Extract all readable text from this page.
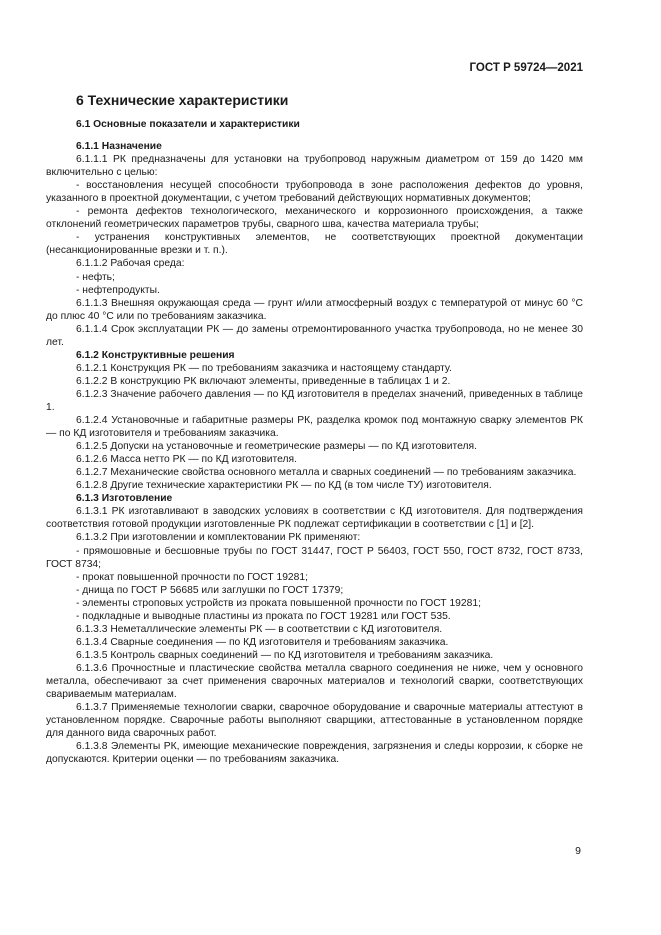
ГОСТ Р 59724—2021
6 Технические характеристики

6.1 Основные показатели и характеристики

6.1.1 Назначение

6.1.1.1 РК предназначены для установки на трубопровод наружным диаметром от 159 до 1420 мм включительно с целью:

- восстановления несущей способности трубопровода в зоне расположения дефектов до уровня, указанного в проектной документации, с учетом требований действующих нормативных документов;

- ремонта дефектов технологического, механического и коррозионного происхождения, а также отклонений геометрических параметров трубы, сварного шва, качества материала трубы;

- устранения конструктивных элементов, не соответствующих проектной документации (несанкционированные врезки и т. п.).

6.1.1.2 Рабочая среда:

- нефть;

- нефтепродукты.

6.1.1.3 Внешняя окружающая среда — грунт и/или атмосферный воздух с температурой от минус 60 °С до плюс 40 °С или по требованиям заказчика.

6.1.1.4 Срок эксплуатации РК — до замены отремонтированного участка трубопровода, но не менее 30 лет.

6.1.2 Конструктивные решения

6.1.2.1 Конструкция РК — по требованиям заказчика и настоящему стандарту.

6.1.2.2 В конструкцию РК включают элементы, приведенные в таблицах 1 и 2.

6.1.2.3 Значение рабочего давления — по КД изготовителя в пределах значений, приведенных в таблице 1.

6.1.2.4 Установочные и габаритные размеры РК, разделка кромок под монтажную сварку элементов РК — по КД изготовителя и требованиям заказчика.

6.1.2.5 Допуски на установочные и геометрические размеры — по КД изготовителя.

6.1.2.6 Масса нетто РК — по КД изготовителя.

6.1.2.7 Механические свойства основного металла и сварных соединений — по требованиям заказчика.

6.1.2.8 Другие технические характеристики РК — по КД (в том числе ТУ) изготовителя.

6.1.3 Изготовление

6.1.3.1 РК изготавливают в заводских условиях в соответствии с КД изготовителя. Для подтверждения соответствия готовой продукции изготовленные РК подлежат сертификации в соответствии с [1] и [2].

6.1.3.2 При изготовлении и комплектовании РК применяют:

- прямошовные и бесшовные трубы по ГОСТ 31447, ГОСТ Р 56403, ГОСТ 550, ГОСТ 8732, ГОСТ 8733, ГОСТ 8734;

- прокат повышенной прочности по ГОСТ 19281;

- днища по ГОСТ Р 56685 или заглушки по ГОСТ 17379;

- элементы строповых устройств из проката повышенной прочности по ГОСТ 19281;

- подкладные и выводные пластины из проката по ГОСТ 19281 или ГОСТ 535.

6.1.3.3 Неметаллические элементы РК — в соответствии с КД изготовителя.

6.1.3.4 Сварные соединения — по КД изготовителя и требованиям заказчика.

6.1.3.5 Контроль сварных соединений — по КД изготовителя и требованиям заказчика.

6.1.3.6 Прочностные и пластические свойства металла сварного соединения не ниже, чем у основного металла, обеспечивают за счет применения сварочных материалов и технологий сварки, соответствующих свариваемым материалам.

6.1.3.7 Применяемые технологии сварки, сварочное оборудование и сварочные материалы аттестуют в установленном порядке. Сварочные работы выполняют сварщики, аттестованные в установленном порядке для данного вида сварочных работ.

6.1.3.8 Элементы РК, имеющие механические повреждения, загрязнения и следы коррозии, к сборке не допускаются. Критерии оценки — по требованиям заказчика.

9
